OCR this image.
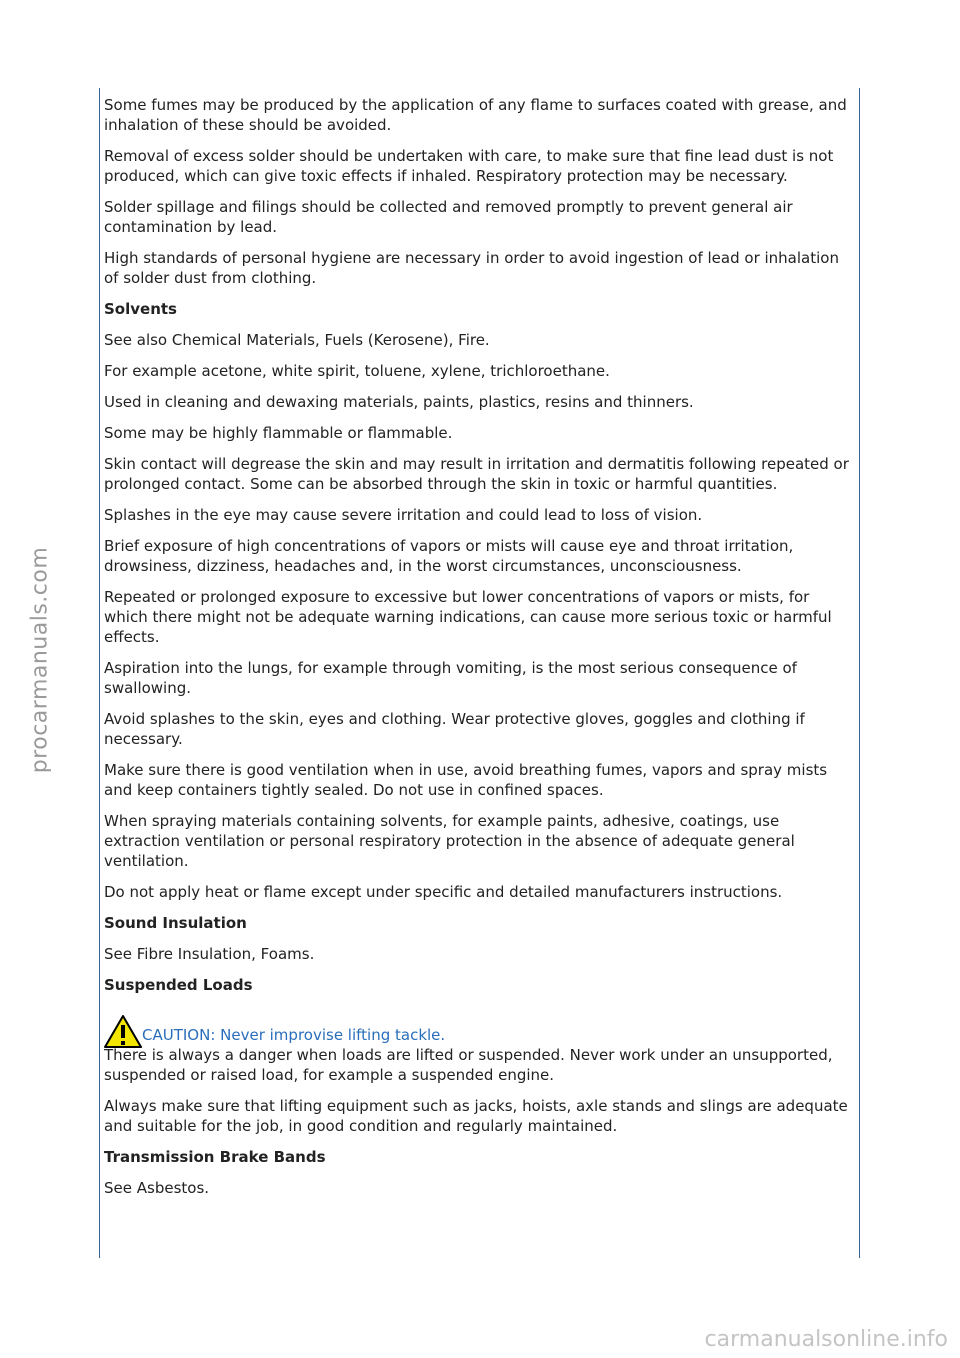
Some fumes may be produced by the application of any flame to surfaces coated with grease, and inhalation of these should be avoided.

Removal of excess solder should be undertaken with care, to make sure that fine lead dust is not produced, which can give toxic effects if inhaled. Respiratory protection may be necessary.

Solder spillage and filings should be collected and removed promptly to prevent general air contamination by lead.

High standards of personal hygiene are necessary in order to avoid ingestion of lead or inhalation of solder dust from clothing.

Solvents

See also Chemical Materials, Fuels (Kerosene), Fire.

For example acetone, white spirit, toluene, xylene, trichloroethane.

Used in cleaning and dewaxing materials, paints, plastics, resins and thinners.

Some may be highly flammable or flammable.

Skin contact will degrease the skin and may result in irritation and dermatitis following repeated or prolonged contact. Some can be absorbed through the skin in toxic or harmful quantities.

Splashes in the eye may cause severe irritation and could lead to loss of vision.

Brief exposure of high concentrations of vapors or mists will cause eye and throat irritation, drowsiness, dizziness, headaches and, in the worst circumstances, unconsciousness.

Repeated or prolonged exposure to excessive but lower concentrations of vapors or mists, for which there might not be adequate warning indications, can cause more serious toxic or harmful effects.

Aspiration into the lungs, for example through vomiting, is the most serious consequence of swallowing.

Avoid splashes to the skin, eyes and clothing. Wear protective gloves, goggles and clothing if necessary.

Make sure there is good ventilation when in use, avoid breathing fumes, vapors and spray mists and keep containers tightly sealed. Do not use in confined spaces.

When spraying materials containing solvents, for example paints, adhesive, coatings, use extraction ventilation or personal respiratory protection in the absence of adequate general ventilation.

Do not apply heat or flame except under specific and detailed manufacturers instructions.

Sound Insulation

See Fibre Insulation, Foams.

Suspended Loads

CAUTION: Never improvise lifting tackle.
There is always a danger when loads are lifted or suspended. Never work under an unsupported, suspended or raised load, for example a suspended engine.

Always make sure that lifting equipment such as jacks, hoists, axle stands and slings are adequate and suitable for the job, in good condition and regularly maintained.

Transmission Brake Bands

See Asbestos.

procarmanuals.com
carmanualsonline.info
